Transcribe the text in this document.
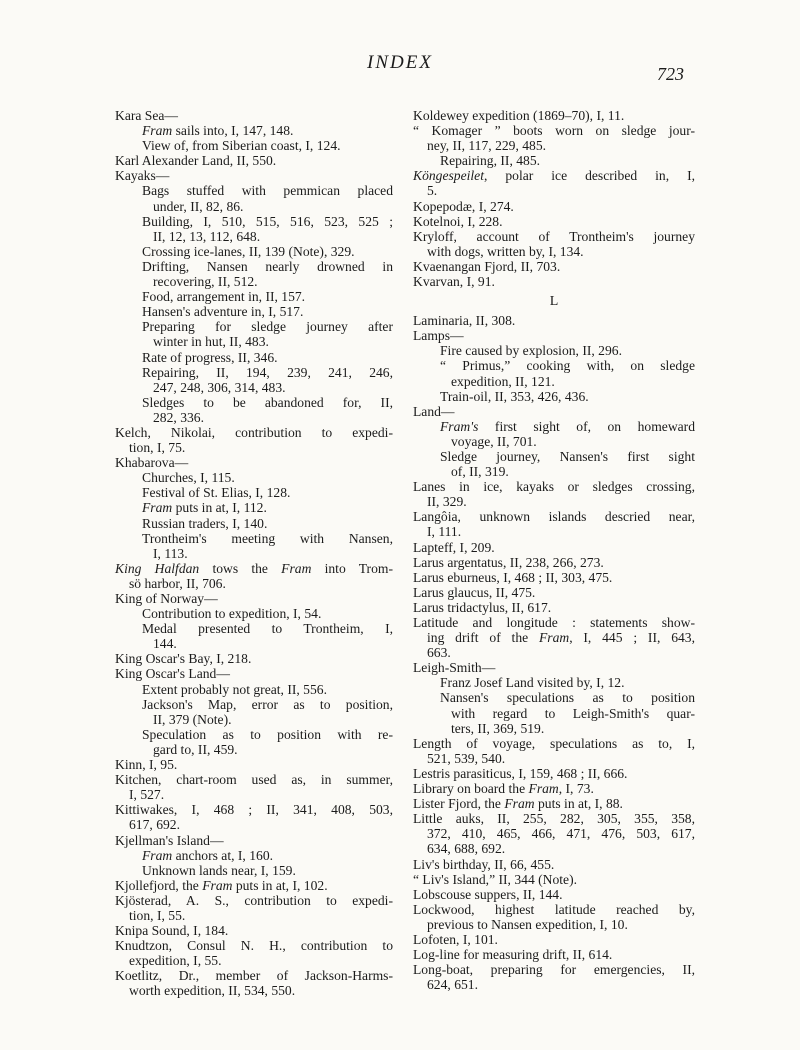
INDEX
723
Kara Sea—
Fram sails into, I, 147, 148.
View of, from Siberian coast, I, 124.
Karl Alexander Land, II, 550.
Kayaks—
Bags stuffed with pemmican placed
under, II, 82, 86.
Building, I, 510, 515, 516, 523, 525 ;
II, 12, 13, 112, 648.
Crossing ice-lanes, II, 139 (Note), 329.
Drifting, Nansen nearly drowned in
recovering, II, 512.
Food, arrangement in, II, 157.
Hansen's adventure in, I, 517.
Preparing for sledge journey after
winter in hut, II, 483.
Rate of progress, II, 346.
Repairing, II, 194, 239, 241, 246,
247, 248, 306, 314, 483.
Sledges to be abandoned for, II,
282, 336.
Kelch, Nikolai, contribution to expedi-
tion, I, 75.
Khabarova—
Churches, I, 115.
Festival of St. Elias, I, 128.
Fram puts in at, I, 112.
Russian traders, I, 140.
Trontheim's meeting with Nansen,
I, 113.
King Halfdan tows the Fram into Trom-
sö harbor, II, 706.
King of Norway—
Contribution to expedition, I, 54.
Medal presented to Trontheim, I,
144.
King Oscar's Bay, I, 218.
King Oscar's Land—
Extent probably not great, II, 556.
Jackson's Map, error as to position,
II, 379 (Note).
Speculation as to position with re-
gard to, II, 459.
Kinn, I, 95.
Kitchen, chart-room used as, in summer,
I, 527.
Kittiwakes, I, 468 ; II, 341, 408, 503,
617, 692.
Kjellman's Island—
Fram anchors at, I, 160.
Unknown lands near, I, 159.
Kjollefjord, the Fram puts in at, I, 102.
Kjösterad, A. S., contribution to expedi-
tion, I, 55.
Knipa Sound, I, 184.
Knudtzon, Consul N. H., contribution to
expedition, I, 55.
Koetlitz, Dr., member of Jackson-Harms-
worth expedition, II, 534, 550.
Koldewey expedition (1869–70), I, 11.
“ Komager ” boots worn on sledge jour-
ney, II, 117, 229, 485.
Repairing, II, 485.
Köngespeilet, polar ice described in, I,
5.
Kopepodæ, I, 274.
Kotelnoi, I, 228.
Kryloff, account of Trontheim's journey
with dogs, written by, I, 134.
Kvaenangan Fjord, II, 703.
Kvarvan, I, 91.
L
Laminaria, II, 308.
Lamps—
Fire caused by explosion, II, 296.
“ Primus,” cooking with, on sledge
expedition, II, 121.
Train-oil, II, 353, 426, 436.
Land—
Fram's first sight of, on homeward
voyage, II, 701.
Sledge journey, Nansen's first sight
of, II, 319.
Lanes in ice, kayaks or sledges crossing,
II, 329.
Langôia, unknown islands descried near,
I, 111.
Lapteff, I, 209.
Larus argentatus, II, 238, 266, 273.
Larus eburneus, I, 468 ; II, 303, 475.
Larus glaucus, II, 475.
Larus tridactylus, II, 617.
Latitude and longitude : statements show-
ing drift of the Fram, I, 445 ; II, 643,
663.
Leigh-Smith—
Franz Josef Land visited by, I, 12.
Nansen's speculations as to position
with regard to Leigh-Smith's quar-
ters, II, 369, 519.
Length of voyage, speculations as to, I,
521, 539, 540.
Lestris parasiticus, I, 159, 468 ; II, 666.
Library on board the Fram, I, 73.
Lister Fjord, the Fram puts in at, I, 88.
Little auks, II, 255, 282, 305, 355, 358,
372, 410, 465, 466, 471, 476, 503, 617,
634, 688, 692.
Liv's birthday, II, 66, 455.
“ Liv's Island,” II, 344 (Note).
Lobscouse suppers, II, 144.
Lockwood, highest latitude reached by,
previous to Nansen expedition, I, 10.
Lofoten, I, 101.
Log-line for measuring drift, II, 614.
Long-boat, preparing for emergencies, II,
624, 651.
